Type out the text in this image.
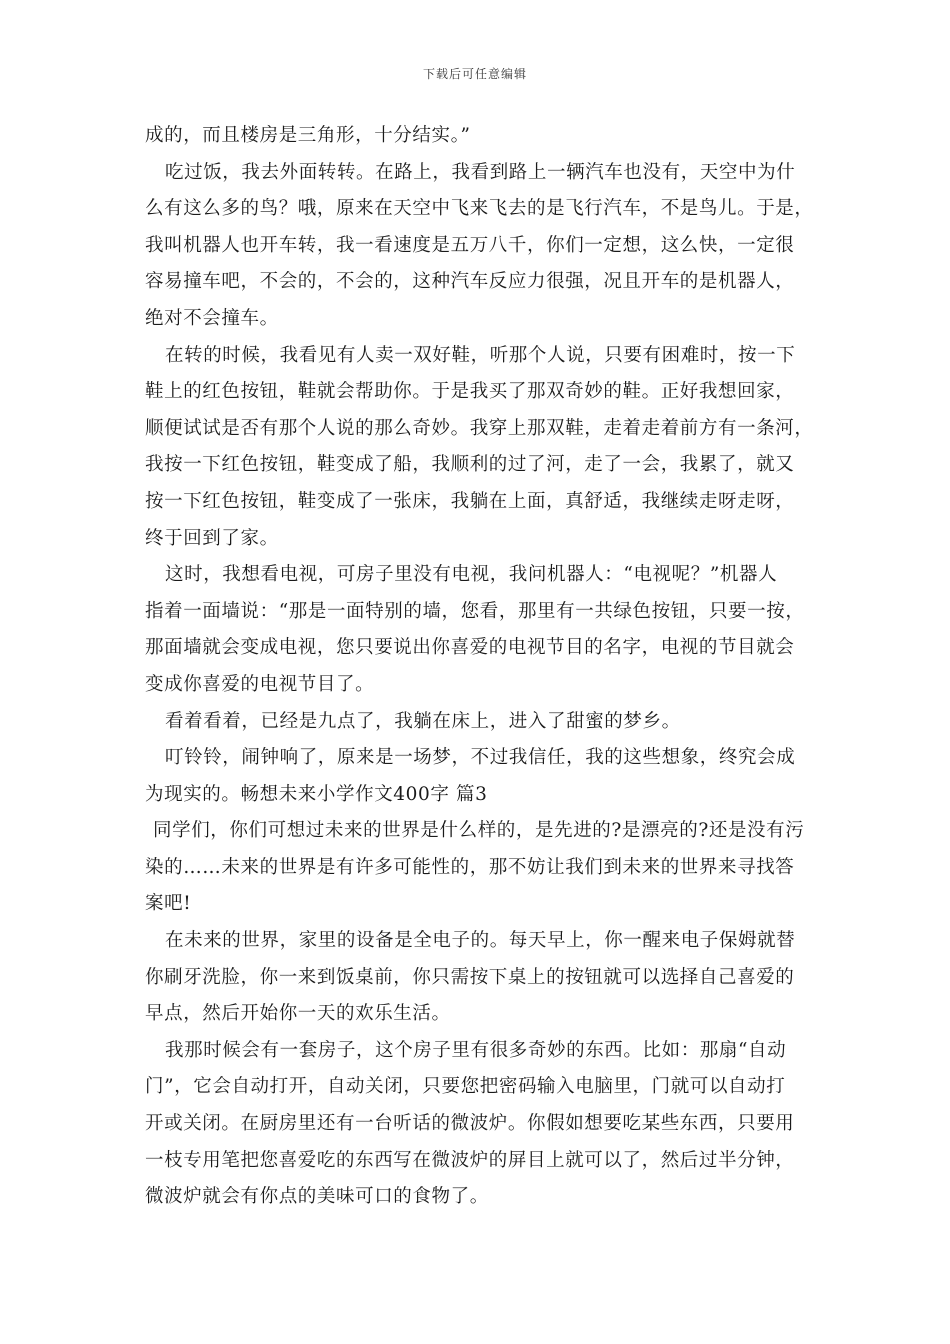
下载后可任意编辑
成的，而且楼房是三角形，十分结实。”
吃过饭，我去外面转转。在路上，我看到路上一辆汽车也没有，天空中为什
么有这么多的鸟？哦，原来在天空中飞来飞去的是飞行汽车，不是鸟儿。于是，
我叫机器人也开车转，我一看速度是五万八千，你们一定想，这么快，一定很
容易撞车吧，不会的，不会的，这种汽车反应力很强，况且开车的是机器人，
绝对不会撞车。
在转的时候，我看见有人卖一双好鞋，听那个人说，只要有困难时，按一下
鞋上的红色按钮，鞋就会帮助你。于是我买了那双奇妙的鞋。正好我想回家，
顺便试试是否有那个人说的那么奇妙。我穿上那双鞋，走着走着前方有一条河，
我按一下红色按钮，鞋变成了船，我顺利的过了河，走了一会，我累了，就又
按一下红色按钮，鞋变成了一张床，我躺在上面，真舒适，我继续走呀走呀，
终于回到了家。
这时，我想看电视，可房子里没有电视，我问机器人：“电视呢？”机器人
指着一面墙说：“那是一面特别的墙，您看，那里有一共绿色按钮，只要一按，
那面墙就会变成电视，您只要说出你喜爱的电视节目的名字，电视的节目就会
变成你喜爱的电视节目了。
看着看着，已经是九点了，我躺在床上，进入了甜蜜的梦乡。
叮铃铃，闹钟响了，原来是一场梦，不过我信任，我的这些想象，终究会成
为现实的。畅想未来小学作文400字 篇3
同学们，你们可想过未来的世界是什么样的，是先进的?是漂亮的?还是没有污
染的……未来的世界是有许多可能性的，那不妨让我们到未来的世界来寻找答
案吧!
在未来的世界，家里的设备是全电子的。每天早上，你一醒来电子保姆就替
你刷牙洗脸，你一来到饭桌前，你只需按下桌上的按钮就可以选择自己喜爱的
早点，然后开始你一天的欢乐生活。
我那时候会有一套房子，这个房子里有很多奇妙的东西。比如：那扇“自动
门”，它会自动打开，自动关闭，只要您把密码输入电脑里，门就可以自动打
开或关闭。在厨房里还有一台听话的微波炉。你假如想要吃某些东西，只要用
一枝专用笔把您喜爱吃的东西写在微波炉的屏目上就可以了，然后过半分钟，
微波炉就会有你点的美味可口的食物了。
